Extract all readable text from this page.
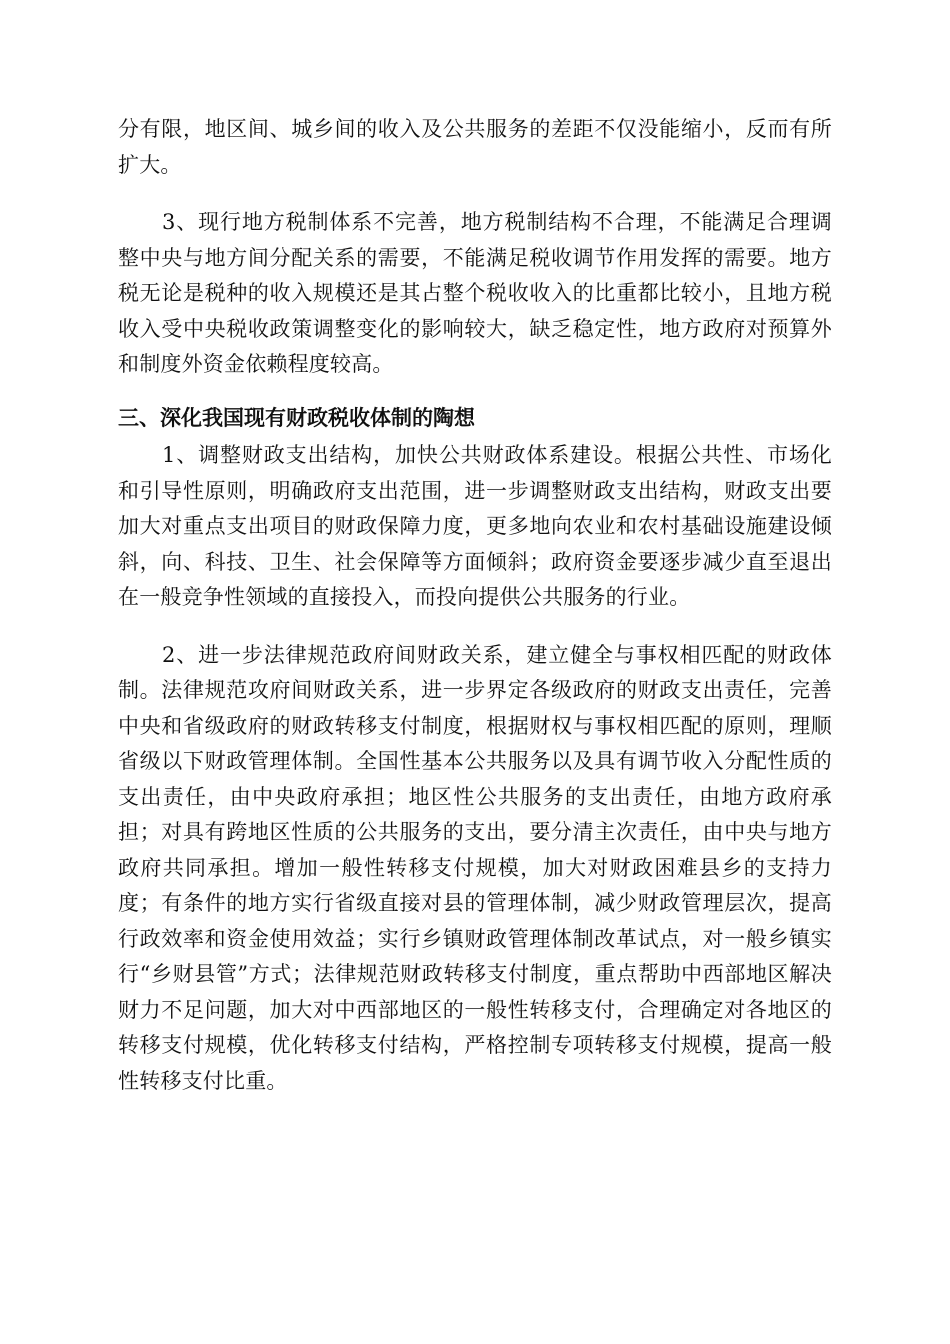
分有限，地区间、城乡间的收入及公共服务的差距不仅没能缩小，反而有所扩大。

3、现行地方税制体系不完善，地方税制结构不合理，不能满足合理调整中央与地方间分配关系的需要，不能满足税收调节作用发挥的需要。地方税无论是税种的收入规模还是其占整个税收收入的比重都比较小，且地方税收入受中央税收政策调整变化的影响较大，缺乏稳定性，地方政府对预算外和制度外资金依赖程度较高。

三、深化我国现有财政税收体制的陶想

1、调整财政支出结构，加快公共财政体系建设。根据公共性、市场化和引导性原则，明确政府支出范围，进一步调整财政支出结构，财政支出要加大对重点支出项目的财政保障力度，更多地向农业和农村基础设施建设倾斜，向、科技、卫生、社会保障等方面倾斜；政府资金要逐步减少直至退出在一般竞争性领域的直接投入，而投向提供公共服务的行业。

2、进一步法律规范政府间财政关系，建立健全与事权相匹配的财政体制。法律规范攻府间财政关系，进一步界定各级政府的财政支出责任，完善中央和省级政府的财政转移支付制度，根据财权与事权相匹配的原则，理顺省级以下财政管理体制。全国性基本公共服务以及具有调节收入分配性质的支出责任，由中央政府承担；地区性公共服务的支出责任，由地方政府承担；对具有跨地区性质的公共服务的支出，要分清主次责任，由中央与地方政府共同承担。增加一般性转移支付规模，加大对财政困难县乡的支持力度；有条件的地方实行省级直接对县的管理体制，减少财政管理层次，提高行政效率和资金使用效益；实行乡镇财政管理体制改革试点，对一般乡镇实行“乡财县管”方式；法律规范财政转移支付制度，重点帮助中西部地区解决财力不足问题，加大对中西部地区的一般性转移支付，合理确定对各地区的转移支付规模，优化转移支付结构，严格控制专项转移支付规模，提高一般性转移支付比重。
